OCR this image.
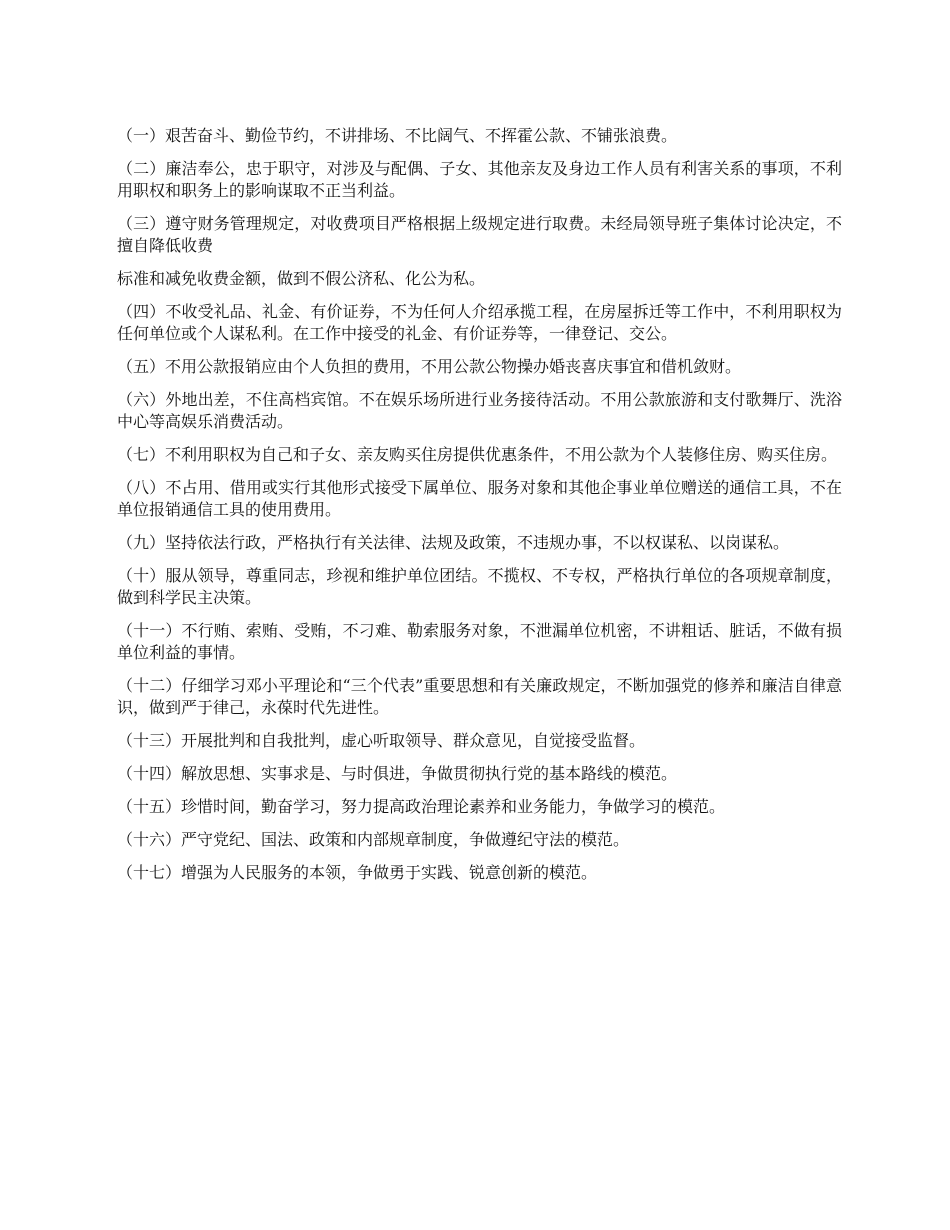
（一）艰苦奋斗、勤俭节约，不讲排场、不比阔气、不挥霍公款、不铺张浪费。

（二）廉洁奉公，忠于职守，对涉及与配偶、子女、其他亲友及身边工作人员有利害关系的事项，不利用职权和职务上的影响谋取不正当利益。

（三）遵守财务管理规定，对收费项目严格根据上级规定进行取费。未经局领导班子集体讨论决定，不擅自降低收费

标准和减免收费金额，做到不假公济私、化公为私。

（四）不收受礼品、礼金、有价证券，不为任何人介绍承揽工程，在房屋拆迁等工作中，不利用职权为任何单位或个人谋私利。在工作中接受的礼金、有价证券等，一律登记、交公。

（五）不用公款报销应由个人负担的费用，不用公款公物操办婚丧喜庆事宜和借机敛财。

（六）外地出差，不住高档宾馆。不在娱乐场所进行业务接待活动。不用公款旅游和支付歌舞厅、洗浴中心等高娱乐消费活动。

（七）不利用职权为自己和子女、亲友购买住房提供优惠条件，不用公款为个人装修住房、购买住房。

（八）不占用、借用或实行其他形式接受下属单位、服务对象和其他企事业单位赠送的通信工具，不在单位报销通信工具的使用费用。

（九）坚持依法行政，严格执行有关法律、法规及政策，不违规办事，不以权谋私、以岗谋私。

（十）服从领导，尊重同志，珍视和维护单位团结。不揽权、不专权，严格执行单位的各项规章制度，做到科学民主决策。

（十一）不行贿、索贿、受贿，不刁难、勒索服务对象，不泄漏单位机密，不讲粗话、脏话，不做有损单位利益的事情。

（十二）仔细学习邓小平理论和“三个代表”重要思想和有关廉政规定，不断加强党的修养和廉洁自律意识，做到严于律己，永葆时代先进性。

（十三）开展批判和自我批判，虚心听取领导、群众意见，自觉接受监督。

（十四）解放思想、实事求是、与时俱进，争做贯彻执行党的基本路线的模范。

（十五）珍惜时间，勤奋学习，努力提高政治理论素养和业务能力，争做学习的模范。

（十六）严守党纪、国法、政策和内部规章制度，争做遵纪守法的模范。

（十七）增强为人民服务的本领，争做勇于实践、锐意创新的模范。
